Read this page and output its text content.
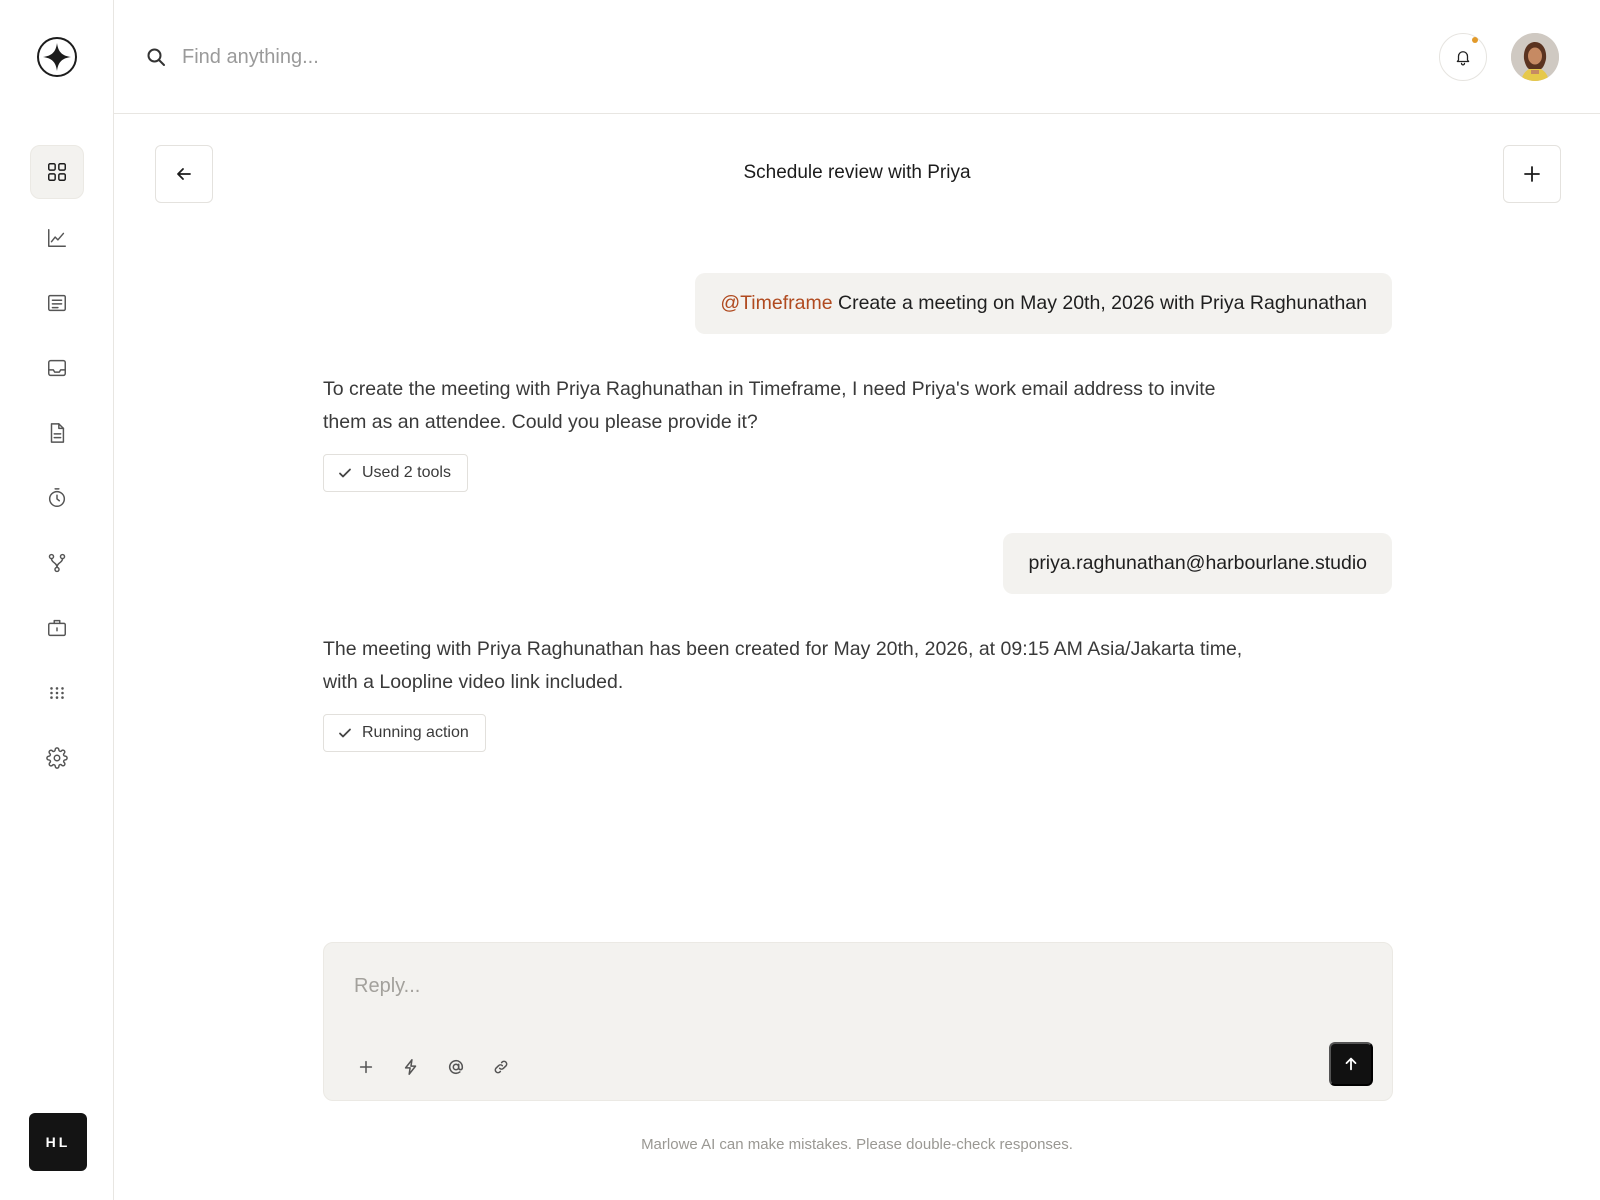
HL
Find anything...
Schedule review with Priya
@Timeframe Create a meeting on May 20th, 2026 with Priya Raghunathan

To create the meeting with Priya Raghunathan in Timeframe, I need Priya's work email address to invite them as an attendee. Could you please provide it?

Used 2 tools
priya.raghunathan@harbourlane.studio

The meeting with Priya Raghunathan has been created for May 20th, 2026, at 09:15 AM Asia/Jakarta time, with a Loopline video link included.

Running action
Reply...

Marlowe AI can make mistakes. Please double-check responses.
